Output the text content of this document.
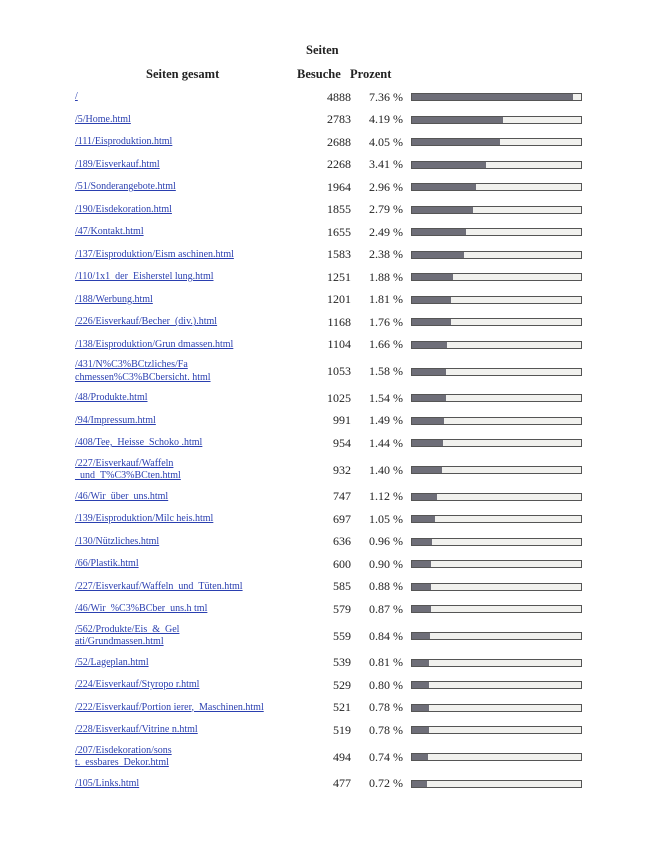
Seiten
Seiten gesamt	Besuche Prozent
/	4888	7.36 %
/5/Home.html	2783	4.19 %
/111/Eisproduktion.html	2688	4.05 %
/189/Eisverkauf.html	2268	3.41 %
/51/Sonderangebote.html	1964	2.96 %
/190/Eisdekoration.html	1855	2.79 %
/47/Kontakt.html	1655	2.49 %
/137/Eisproduktion/Eism aschinen.html	1583	2.38 %
/110/1x1_der_Eisherstel lung.html	1251	1.88 %
/188/Werbung.html	1201	1.81 %
/226/Eisverkauf/Becher_(div.).html	1168	1.76 %
/138/Eisproduktion/Grun dmassen.html	1104	1.66 %
/431/N%C3%BCtzliches/Fa
chmessen%C3%BCbersicht. html	1053	1.58 %
/48/Produkte.html	1025	1.54 %
/94/Impressum.html	991	1.49 %
/408/Tee,_Heisse_Schoko .html	954	1.44 %
/227/Eisverkauf/Waffeln
_und_T%C3%BCten.html	932	1.40 %
/46/Wir_über_uns.html	747	1.12 %
/139/Eisproduktion/Milc heis.html	697	1.05 %
/130/Nützliches.html	636	0.96 %
/66/Plastik.html	600	0.90 %
/227/Eisverkauf/Waffeln_und_Tüten.html	585	0.88 %
/46/Wir_%C3%BCber_uns.h tml	579	0.87 %
/562/Produkte/Eis_&_Gel
ati/Grundmassen.html	559	0.84 %
/52/Lageplan.html	539	0.81 %
/224/Eisverkauf/Styropo r.html	529	0.80 %
/222/Eisverkauf/Portion ierer,_Maschinen.html	521	0.78 %
/228/Eisverkauf/Vitrine n.html	519	0.78 %
/207/Eisdekoration/sons
t._essbares_Dekor.html	494	0.74 %
/105/Links.html	477	0.72 %
